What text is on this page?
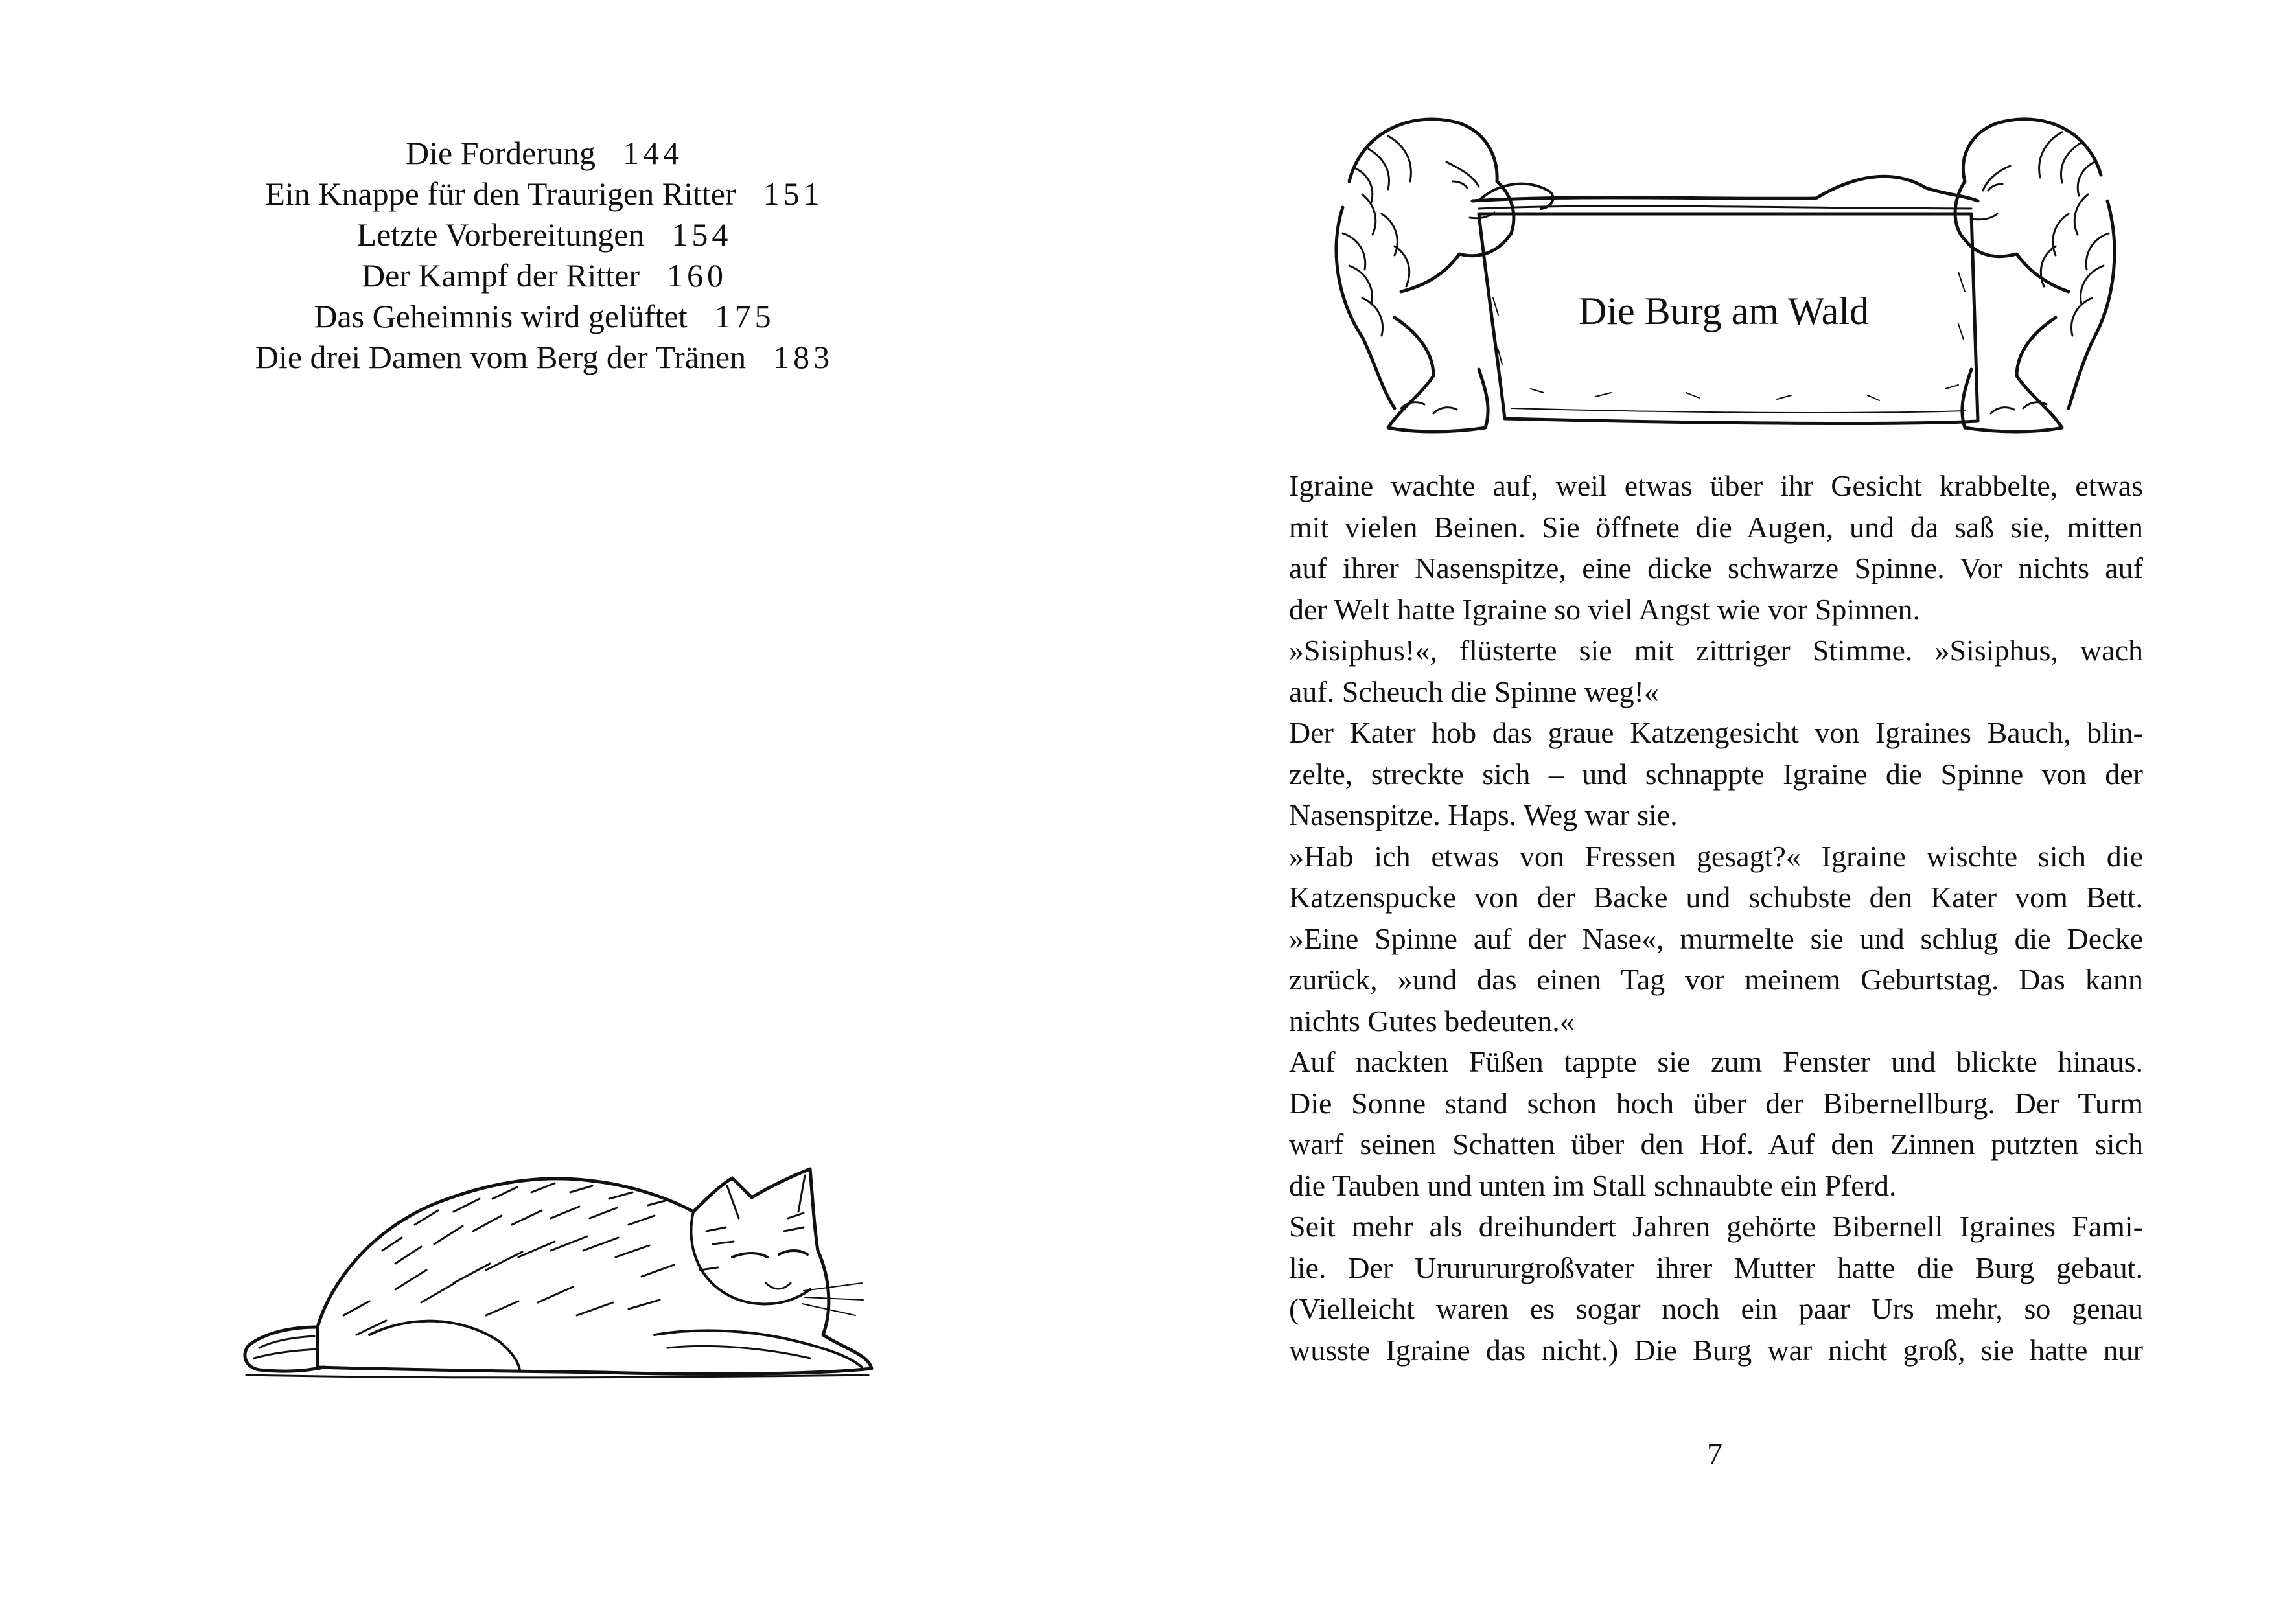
Die Forderung 144
Ein Knappe für den Traurigen Ritter 151
Letzte Vorbereitungen 154
Der Kampf der Ritter 160
Das Geheimnis wird gelüftet 175
Die drei Damen vom Berg der Tränen 183
Die Burg am Wald
Igraine wachte auf, weil etwas über ihr Gesicht krabbelte, etwas
mit vielen Beinen. Sie öffnete die Augen, und da saß sie, mitten
auf ihrer Nasenspitze, eine dicke schwarze Spinne. Vor nichts auf
der Welt hatte Igraine so viel Angst wie vor Spinnen.
»Sisiphus!«, flüsterte sie mit zittriger Stimme. »Sisiphus, wach
auf. Scheuch die Spinne weg!«
Der Kater hob das graue Katzengesicht von Igraines Bauch, blin-
zelte, streckte sich – und schnappte Igraine die Spinne von der
Nasenspitze. Haps. Weg war sie.
»Hab ich etwas von Fressen gesagt?« Igraine wischte sich die
Katzenspucke von der Backe und schubste den Kater vom Bett.
»Eine Spinne auf der Nase«, murmelte sie und schlug die Decke
zurück, »und das einen Tag vor meinem Geburtstag. Das kann
nichts Gutes bedeuten.«
Auf nackten Füßen tappte sie zum Fenster und blickte hinaus.
Die Sonne stand schon hoch über der Bibernellburg. Der Turm
warf seinen Schatten über den Hof. Auf den Zinnen putzten sich
die Tauben und unten im Stall schnaubte ein Pferd.
Seit mehr als dreihundert Jahren gehörte Bibernell Igraines Fami-
lie. Der Ururururgroßvater ihrer Mutter hatte die Burg gebaut.
(Vielleicht waren es sogar noch ein paar Urs mehr, so genau
wusste Igraine das nicht.) Die Burg war nicht groß, sie hatte nur
7
